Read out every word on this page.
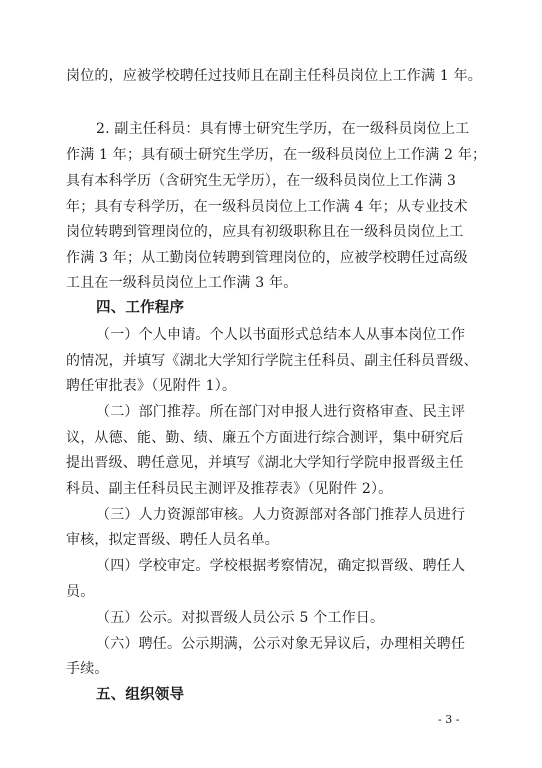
岗位的，应被学校聘任过技师且在副主任科员岗位上工作满 1 年。
2. 副主任科员：具有博士研究生学历，在一级科员岗位上工
作满 1 年；具有硕士研究生学历，在一级科员岗位上工作满 2 年；
具有本科学历（含研究生无学历），在一级科员岗位上工作满 3
年；具有专科学历，在一级科员岗位上工作满 4 年；从专业技术
岗位转聘到管理岗位的，应具有初级职称且在一级科员岗位上工
作满 3 年；从工勤岗位转聘到管理岗位的，应被学校聘任过高级
工且在一级科员岗位上工作满 3 年。
四、工作程序
（一）个人申请。个人以书面形式总结本人从事本岗位工作
的情况，并填写《湖北大学知行学院主任科员、副主任科员晋级、
聘任审批表》（见附件 1）。
（二）部门推荐。所在部门对申报人进行资格审查、民主评
议，从德、能、勤、绩、廉五个方面进行综合测评，集中研究后
提出晋级、聘任意见，并填写《湖北大学知行学院申报晋级主任
科员、副主任科员民主测评及推荐表》（见附件 2）。
（三）人力资源部审核。人力资源部对各部门推荐人员进行
审核，拟定晋级、聘任人员名单。
（四）学校审定。学校根据考察情况，确定拟晋级、聘任人
员。
（五）公示。对拟晋级人员公示 5 个工作日。
（六）聘任。公示期满，公示对象无异议后，办理相关聘任
手续。
五、组织领导
- 3 -
